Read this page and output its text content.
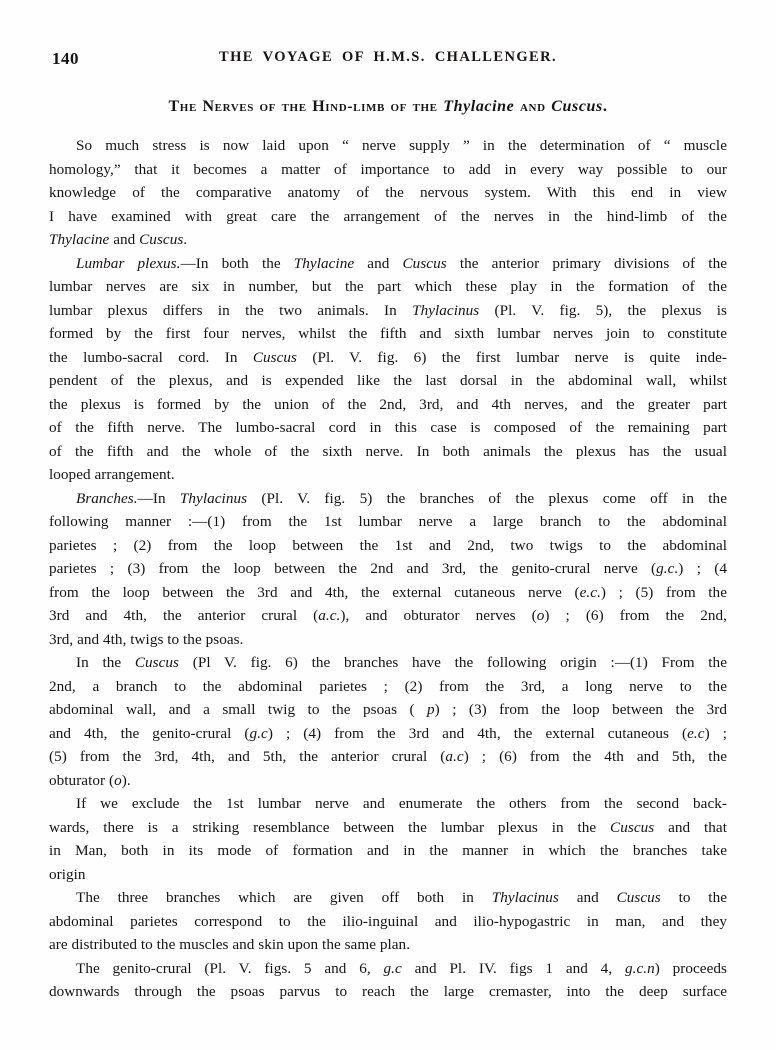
140	THE VOYAGE OF H.M.S. CHALLENGER.
The Nerves of the Hind-limb of the Thylacine and Cuscus.

So much stress is now laid upon “ nerve supply ” in the determination of “ muscle
homology,” that it becomes a matter of importance to add in every way possible to our
knowledge of the comparative anatomy of the nervous system. With this end in view
I have examined with great care the arrangement of the nerves in the hind-limb of the
Thylacine and Cuscus.

Lumbar plexus.—In both the Thylacine and Cuscus the anterior primary divisions of the
lumbar nerves are six in number, but the part which these play in the formation of the
lumbar plexus differs in the two animals. In Thylacinus (Pl. V. fig. 5), the plexus is
formed by the first four nerves, whilst the fifth and sixth lumbar nerves join to constitute
the lumbo-sacral cord. In Cuscus (Pl. V. fig. 6) the first lumbar nerve is quite inde-
pendent of the plexus, and is expended like the last dorsal in the abdominal wall, whilst
the plexus is formed by the union of the 2nd, 3rd, and 4th nerves, and the greater part
of the fifth nerve. The lumbo-sacral cord in this case is composed of the remaining part
of the fifth and the whole of the sixth nerve. In both animals the plexus has the usual
looped arrangement.

Branches.—In Thylacinus (Pl. V. fig. 5) the branches of the plexus come off in the
following manner :—(1) from the 1st lumbar nerve a large branch to the abdominal
parietes ; (2) from the loop between the 1st and 2nd, two twigs to the abdominal
parietes ; (3) from the loop between the 2nd and 3rd, the genito-crural nerve (g.c.) ; (4
from the loop between the 3rd and 4th, the external cutaneous nerve (e.c.) ; (5) from the
3rd and 4th, the anterior crural (a.c.), and obturator nerves (o) ; (6) from the 2nd,
3rd, and 4th, twigs to the psoas.

In the Cuscus (Pl V. fig. 6) the branches have the following origin :—(1) From the
2nd, a branch to the abdominal parietes ; (2) from the 3rd, a long nerve to the
abdominal wall, and a small twig to the psoas ( p) ; (3) from the loop between the 3rd
and 4th, the genito-crural (g.c) ; (4) from the 3rd and 4th, the external cutaneous (e.c) ;
(5) from the 3rd, 4th, and 5th, the anterior crural (a.c) ; (6) from the 4th and 5th, the
obturator (o).

If we exclude the 1st lumbar nerve and enumerate the others from the second back-
wards, there is a striking resemblance between the lumbar plexus in the Cuscus and that
in Man, both in its mode of formation and in the manner in which the branches take
origin

The three branches which are given off both in Thylacinus and Cuscus to the
abdominal parietes correspond to the ilio-inguinal and ilio-hypogastric in man, and they
are distributed to the muscles and skin upon the same plan.

The genito-crural (Pl. V. figs. 5 and 6, g.c and Pl. IV. figs 1 and 4, g.c.n) proceeds
downwards through the psoas parvus to reach the large cremaster, into the deep surface
